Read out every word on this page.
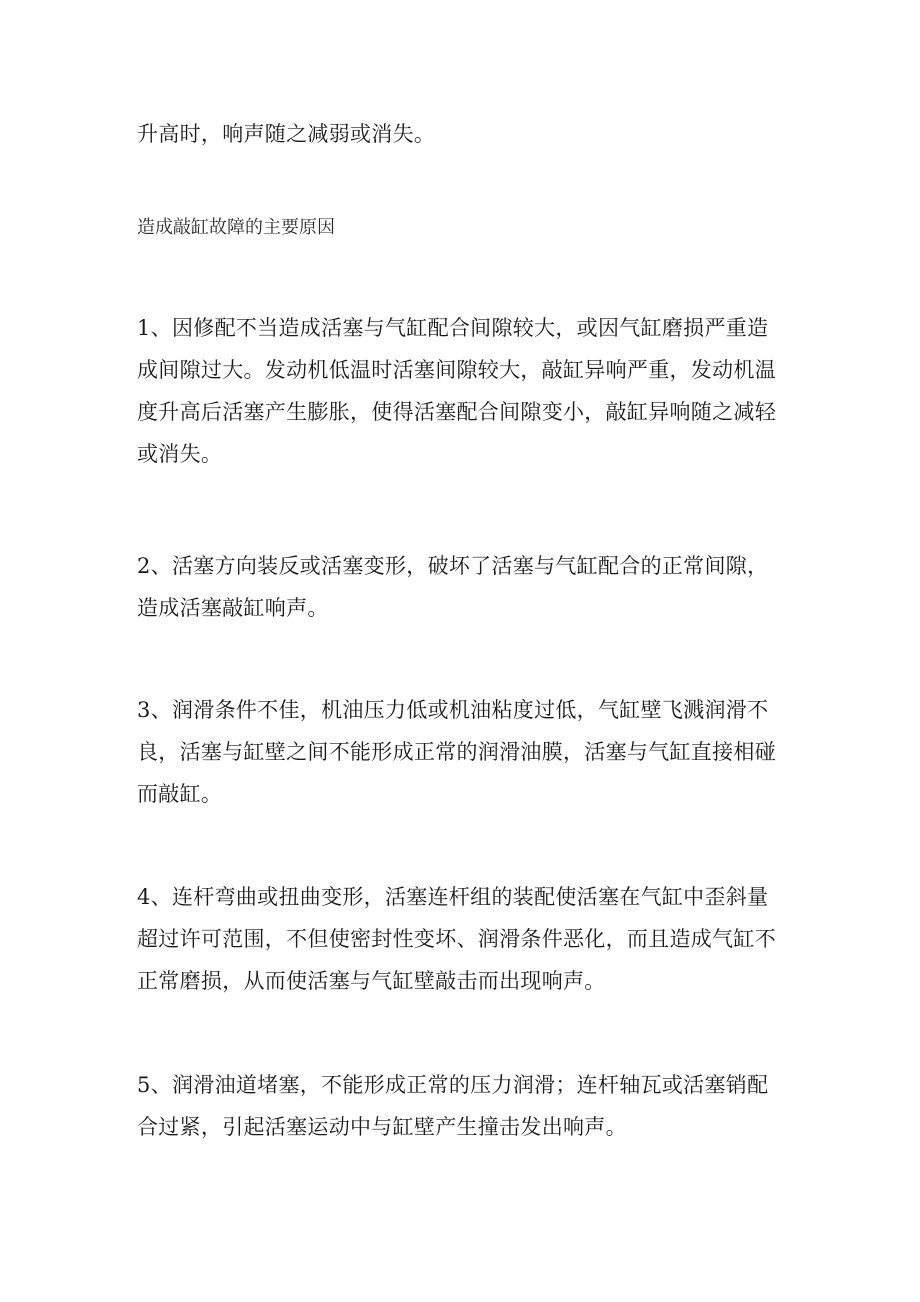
升高时，响声随之减弱或消失。

造成敲缸故障的主要原因

1、因修配不当造成活塞与气缸配合间隙较大，或因气缸磨损严重造成间隙过大。发动机低温时活塞间隙较大，敲缸异响严重，发动机温度升高后活塞产生膨胀，使得活塞配合间隙变小，敲缸异响随之减轻或消失。

2、活塞方向装反或活塞变形，破坏了活塞与气缸配合的正常间隙，造成活塞敲缸响声。

3、润滑条件不佳，机油压力低或机油粘度过低，气缸壁飞溅润滑不良，活塞与缸壁之间不能形成正常的润滑油膜，活塞与气缸直接相碰而敲缸。

4、连杆弯曲或扭曲变形，活塞连杆组的装配使活塞在气缸中歪斜量超过许可范围，不但使密封性变坏、润滑条件恶化，而且造成气缸不正常磨损，从而使活塞与气缸壁敲击而出现响声。

5、润滑油道堵塞，不能形成正常的压力润滑；连杆轴瓦或活塞销配合过紧，引起活塞运动中与缸壁产生撞击发出响声。
